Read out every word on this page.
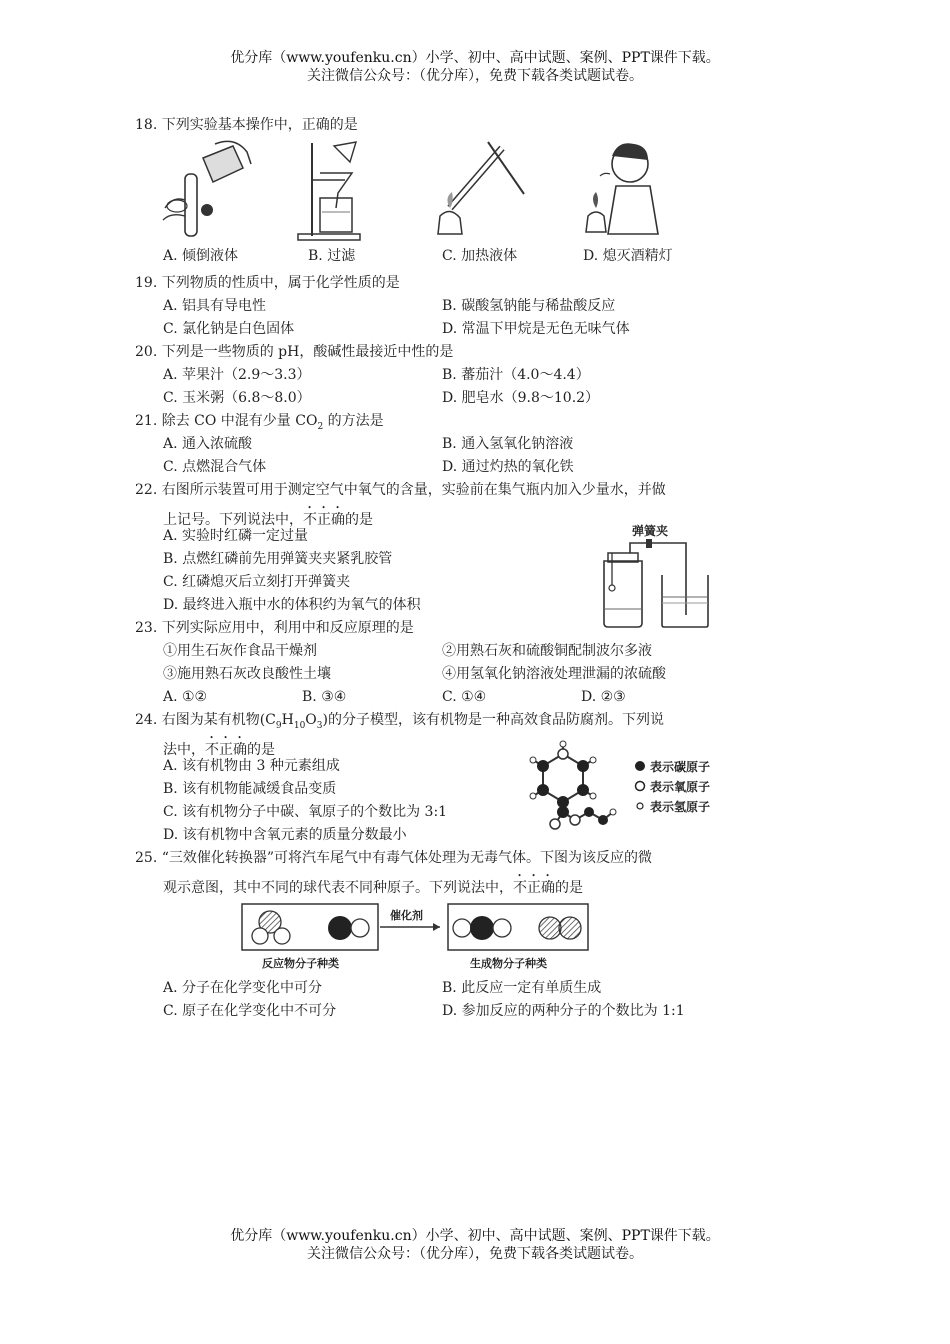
优分库（www.youfenku.cn）小学、初中、高中试题、案例、PPT课件下载。
关注微信公众号：（优分库），免费下载各类试题试卷。
18. 下列实验基本操作中，正确的是
A. 倾倒液体	B. 过滤	C. 加热液体	D. 熄灭酒精灯
19. 下列物质的性质中，属于化学性质的是
A. 铝具有导电性	B. 碳酸氢钠能与稀盐酸反应
C. 氯化钠是白色固体	D. 常温下甲烷是无色无味气体
20. 下列是一些物质的 pH，酸碱性最接近中性的是
A. 苹果汁（2.9～3.3）	B. 蕃茄汁（4.0～4.4）
C. 玉米粥（6.8～8.0）	D. 肥皂水（9.8～10.2）
21. 除去 CO 中混有少量 $CO_2$ 的方法是
A. 通入浓硫酸	B. 通入氢氧化钠溶液
C. 点燃混合气体	D. 通过灼热的氧化铁
22. 右图所示装置可用于测定空气中氧气的含量，实验前在集气瓶内加入少量水，并做
上记号。下列说法中，不正确的是
A. 实验时红磷一定过量
B. 点燃红磷前先用弹簧夹夹紧乳胶管
C. 红磷熄灭后立刻打开弹簧夹
D. 最终进入瓶中水的体积约为氧气的体积
弹簧夹
23. 下列实际应用中，利用中和反应原理的是
①用生石灰作食品干燥剂	②用熟石灰和硫酸铜配制波尔多液
③施用熟石灰改良酸性土壤	④用氢氧化钠溶液处理泄漏的浓硫酸
A. ①②	B. ③④	C. ①④	D. ②③
24. 右图为某有机物$(C_9H_{10}O_3)$的分子模型，该有机物是一种高效食品防腐剂。下列说
法中，不正确的是
A. 该有机物由 3 种元素组成
B. 该有机物能减缓食品变质
C. 该有机物分子中碳、氧原子的个数比为 3:1
D. 该有机物中含氧元素的质量分数最小
表示碳原子
表示氧原子
表示氢原子
25. “三效催化转换器”可将汽车尾气中有毒气体处理为无毒气体。下图为该反应的微
观示意图，其中不同的球代表不同种原子。下列说法中，不正确的是
催化剂
反应物分子种类	生成物分子种类
A. 分子在化学变化中可分	B. 此反应一定有单质生成
C. 原子在化学变化中不可分	D. 参加反应的两种分子的个数比为 1:1
优分库（www.youfenku.cn）小学、初中、高中试题、案例、PPT课件下载。
关注微信公众号：（优分库），免费下载各类试题试卷。
